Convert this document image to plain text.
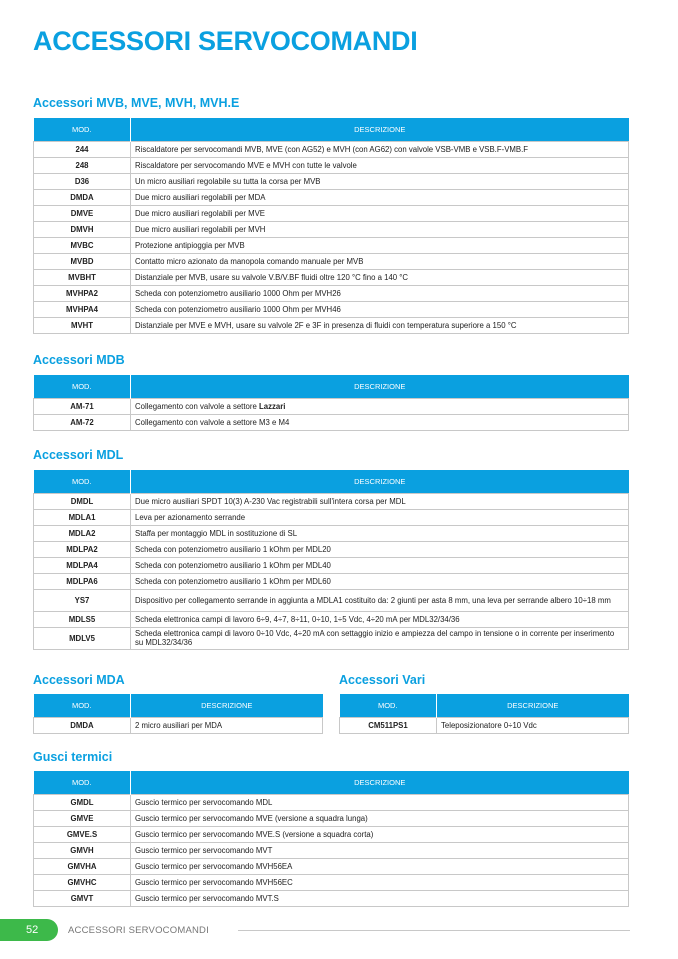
ACCESSORI SERVOCOMANDI
Accessori MVB, MVE, MVH, MVH.E
MOD.	DESCRIZIONE
244	Riscaldatore per servocomandi MVB, MVE (con AG52) e MVH (con AG62) con valvole VSB-VMB e VSB.F-VMB.F
248	Riscaldatore per servocomando MVE e MVH con tutte le valvole
D36	Un micro ausiliari regolabile su tutta la corsa per MVB
DMDA	Due micro ausiliari regolabili per MDA
DMVE	Due micro ausiliari regolabili per MVE
DMVH	Due micro ausiliari regolabili per MVH
MVBC	Protezione antipioggia per MVB
MVBD	Contatto micro azionato da manopola comando manuale per MVB
MVBHT	Distanziale per MVB, usare su valvole V.B/V.BF fluidi oltre 120 °C fino a 140 °C
MVHPA2	Scheda con potenziometro ausiliario 1000 Ohm per MVH26
MVHPA4	Scheda con potenziometro ausiliario 1000 Ohm per MVH46
MVHT	Distanziale per MVE e MVH, usare su valvole 2F e 3F in presenza di fluidi con temperatura superiore a 150 °C
Accessori MDB
MOD.	DESCRIZIONE
AM-71	Collegamento con valvole a settore Lazzari
AM-72	Collegamento con valvole a settore M3 e M4
Accessori MDL
MOD.	DESCRIZIONE
DMDL	Due micro ausiliari SPDT 10(3) A-230 Vac registrabili sull'intera corsa per MDL
MDLA1	Leva per azionamento serrande
MDLA2	Staffa per montaggio MDL in sostituzione di SL
MDLPA2	Scheda con potenziometro ausiliario 1 kOhm per MDL20
MDLPA4	Scheda con potenziometro ausiliario 1 kOhm per MDL40
MDLPA6	Scheda con potenziometro ausiliario 1 kOhm per MDL60
YS7	Dispositivo per collegamento serrande in aggiunta a MDLA1 costituito da: 2 giunti per asta 8 mm, una leva per serrande albero 10÷18 mm
MDLS5	Scheda elettronica campi di lavoro 6÷9, 4÷7, 8÷11, 0÷10, 1÷5 Vdc, 4÷20 mA per MDL32/34/36
MDLV5	Scheda elettronica campi di lavoro 0÷10 Vdc, 4÷20 mA con settaggio inizio e ampiezza del campo in tensione o in corrente per inserimento su MDL32/34/36
Accessori MDA
MOD.	DESCRIZIONE
DMDA	2 micro ausiliari per MDA
Accessori Vari
MOD.	DESCRIZIONE
CM511PS1	Teleposizionatore 0÷10 Vdc
Gusci termici
MOD.	DESCRIZIONE
GMDL	Guscio termico per servocomando MDL
GMVE	Guscio termico per servocomando MVE (versione a squadra lunga)
GMVE.S	Guscio termico per servocomando MVE.S (versione a squadra corta)
GMVH	Guscio termico per servocomando MVT
GMVHA	Guscio termico per servocomando MVH56EA
GMVHC	Guscio termico per servocomando MVH56EC
GMVT	Guscio termico per servocomando MVT.S
52	ACCESSORI SERVOCOMANDI
